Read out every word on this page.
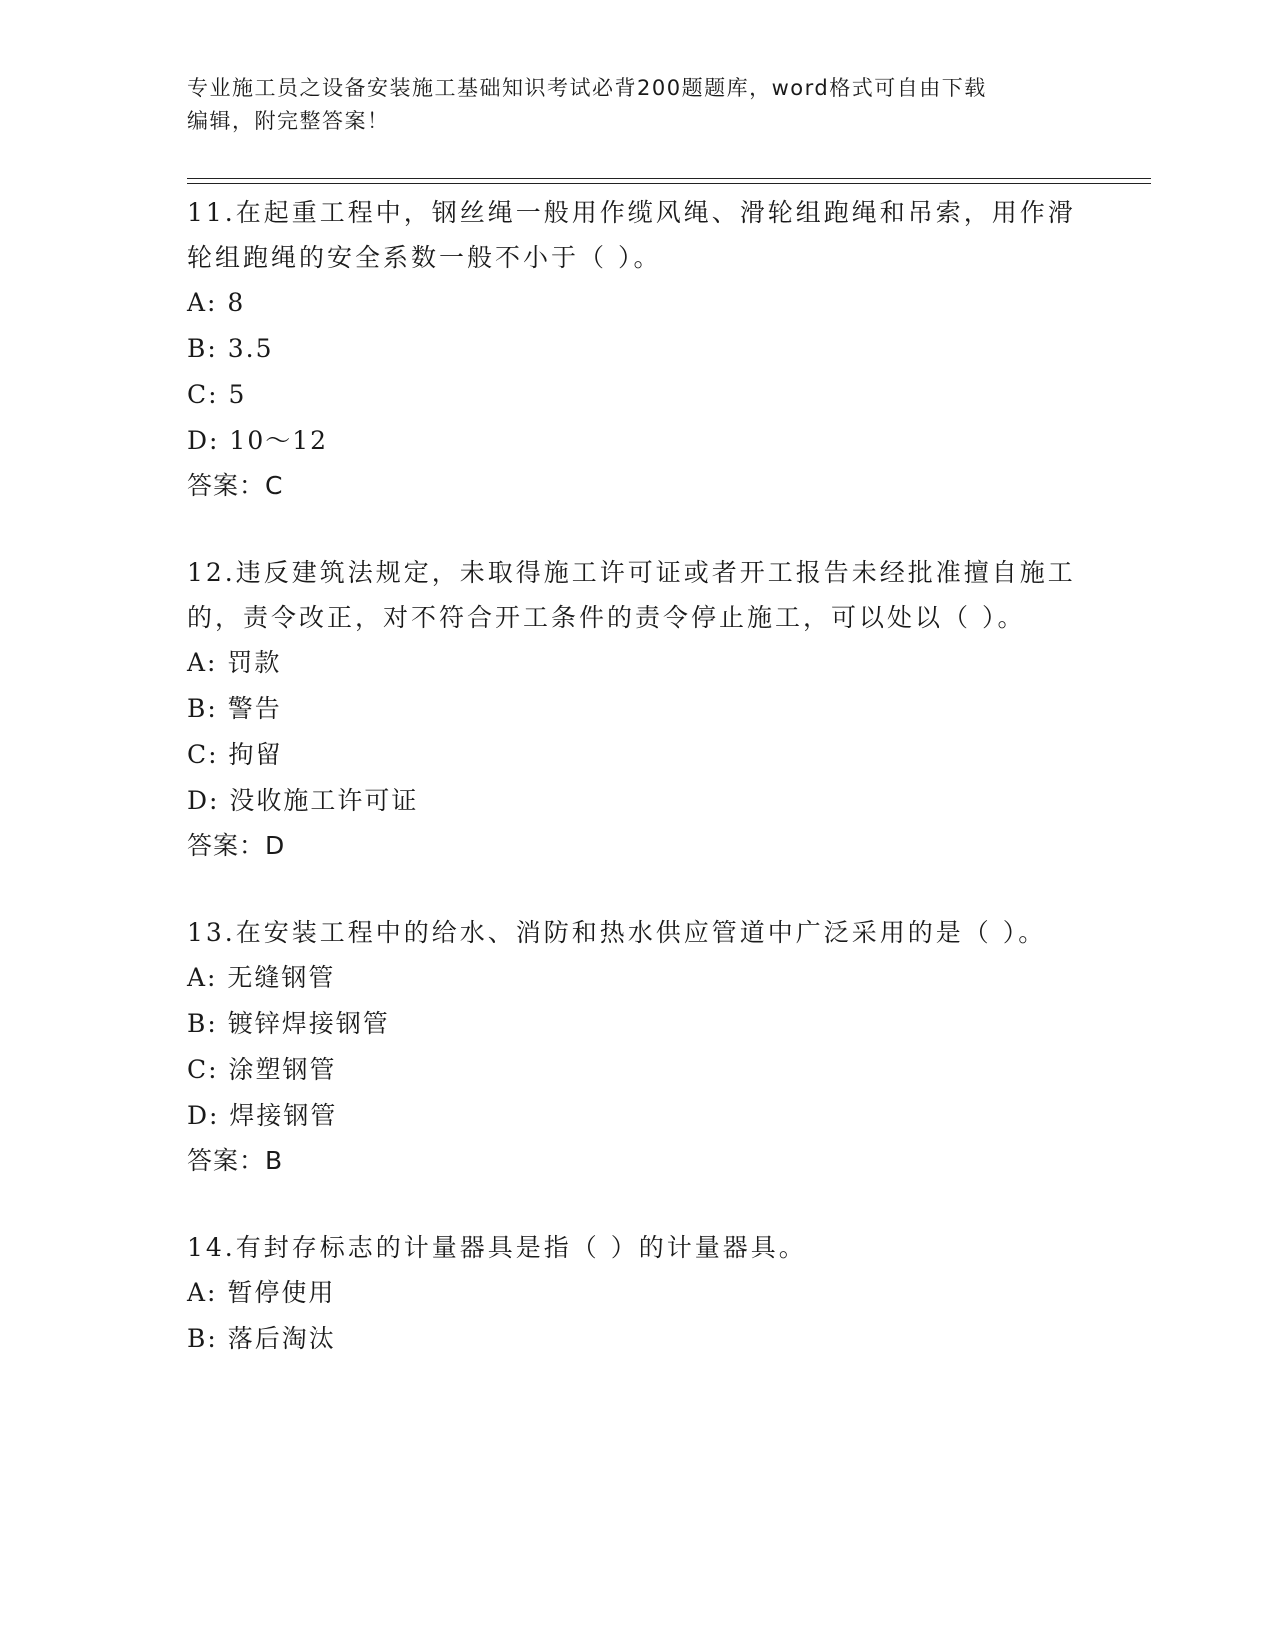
专业施工员之设备安装施工基础知识考试必背200题题库，word格式可自由下载
编辑，附完整答案！
11.在起重工程中，钢丝绳一般用作缆风绳、滑轮组跑绳和吊索，用作滑轮组跑绳的安全系数一般不小于（ ）。
A: 8
B: 3.5
C: 5
D: 10～12
答案：C
12.违反建筑法规定，未取得施工许可证或者开工报告未经批准擅自施工的，责令改正，对不符合开工条件的责令停止施工，可以处以（ ）。
A: 罚款
B: 警告
C: 拘留
D: 没收施工许可证
答案：D
13.在安装工程中的给水、消防和热水供应管道中广泛采用的是（ ）。
A: 无缝钢管
B: 镀锌焊接钢管
C: 涂塑钢管
D: 焊接钢管
答案：B
14.有封存标志的计量器具是指（ ）的计量器具。
A: 暂停使用
B: 落后淘汰
